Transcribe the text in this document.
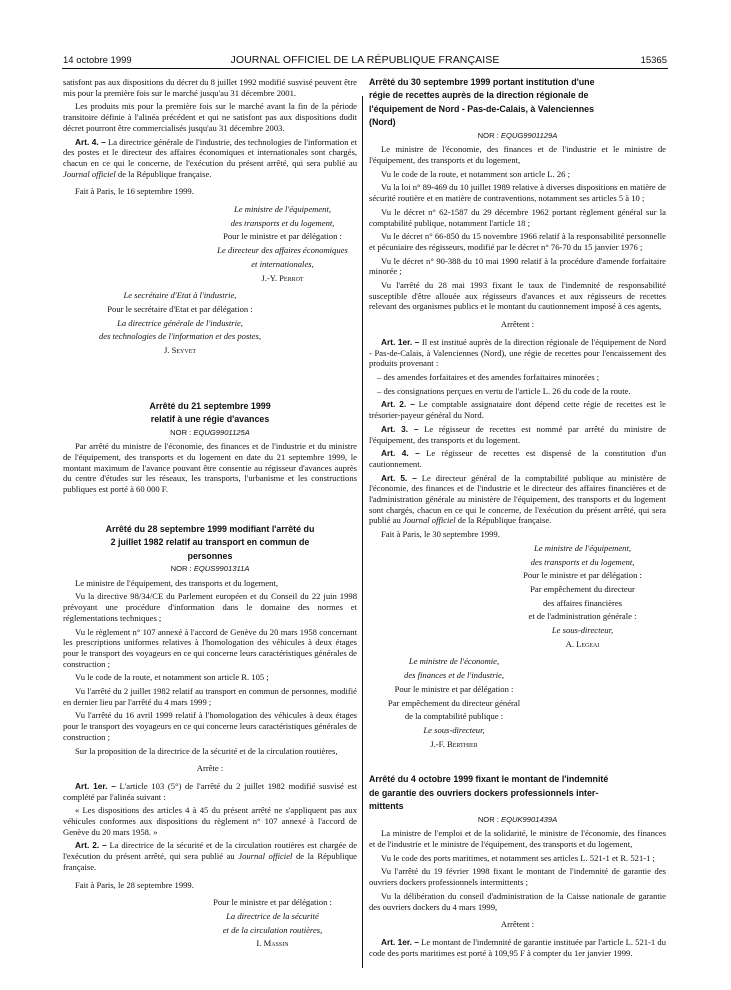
14 octobre 1999	JOURNAL OFFICIEL DE LA RÉPUBLIQUE FRANÇAISE	15365

satisfont pas aux dispositions du décret du 8 juillet 1992 modifié susvisé peuvent être mis pour la première fois sur le marché jusqu'au 31 décembre 2001.

Les produits mis pour la première fois sur le marché avant la fin de la période transitoire définie à l'alinéa précédent et qui ne satisfont pas aux dispositions dudit décret pourront être commercialisés jusqu'au 31 décembre 2003.

Art. 4. – La directrice générale de l'industrie, des technologies de l'information et des postes et le directeur des affaires économiques et internationales sont chargés, chacun en ce qui le concerne, de l'exécution du présent arrêté, qui sera publié au Journal officiel de la République française.

Fait à Paris, le 16 septembre 1999.

Le ministre de l'équipement,

des transports et du logement,

Pour le ministre et par délégation :

Le directeur des affaires économiques

et internationales,

J.-Y. Perrot

Le secrétaire d'Etat à l'industrie,

Pour le secrétaire d'Etat et par délégation :

La directrice générale de l'industrie,

des technologies de l'information et des postes,

J. Seyvet

Arrêté du 21 septembre 1999

relatif à une régie d'avances

NOR : EQUG9901125A

Par arrêté du ministre de l'économie, des finances et de l'industrie et du ministre de l'équipement, des transports et du logement en date du 21 septembre 1999, le montant maximum de l'avance pouvant être consentie au régisseur d'avances auprès du centre d'études sur les réseaux, les transports, l'urbanisme et les constructions publiques est porté à 60 000 F.

Arrêté du 28 septembre 1999 modifiant l'arrêté du

2 juillet 1982 relatif au transport en commun de

personnes

NOR : EQUS9901311A

Le ministre de l'équipement, des transports et du logement,

Vu la directive 98/34/CE du Parlement européen et du Conseil du 22 juin 1998 prévoyant une procédure d'information dans le domaine des normes et réglementations techniques ;

Vu le règlement n° 107 annexé à l'accord de Genève du 20 mars 1958 concernant les prescriptions uniformes relatives à l'homologation des véhicules à deux étages pour le transport des voyageurs en ce qui concerne leurs caractéristiques générales de construction ;

Vu le code de la route, et notamment son article R. 105 ;

Vu l'arrêté du 2 juillet 1982 relatif au transport en commun de personnes, modifié en dernier lieu par l'arrêté du 4 mars 1999 ;

Vu l'arrêté du 16 avril 1999 relatif à l'homologation des véhicules à deux étages pour le transport des voyageurs en ce qui concerne leurs caractéristiques générales de construction ;

Sur la proposition de la directrice de la sécurité et de la circulation routières,

Arrête :

Art. 1er. – L'article 103 (5°) de l'arrêté du 2 juillet 1982 modifié susvisé est complété par l'alinéa suivant :

« Les dispositions des articles 4 à 45 du présent arrêté ne s'appliquent pas aux véhicules conformes aux dispositions du règlement n° 107 annexé à l'accord de Genève du 20 mars 1958. »

Art. 2. – La directrice de la sécurité et de la circulation routières est chargée de l'exécution du présent arrêté, qui sera publié au Journal officiel de la République française.

Fait à Paris, le 28 septembre 1999.

Pour le ministre et par délégation :

La directrice de la sécurité

et de la circulation routières,

I. Massin

Arrêté du 30 septembre 1999 portant institution d'une

régie de recettes auprès de la direction régionale de

l'équipement de Nord - Pas-de-Calais, à Valenciennes

(Nord)

NOR : EQUG9901129A

Le ministre de l'économie, des finances et de l'industrie et le ministre de l'équipement, des transports et du logement,

Vu le code de la route, et notamment son article L. 26 ;

Vu la loi n° 89-469 du 10 juillet 1989 relative à diverses dispositions en matière de sécurité routière et en matière de contraventions, notamment ses articles 5 à 10 ;

Vu le décret n° 62-1587 du 29 décembre 1962 portant règlement général sur la comptabilité publique, notamment l'article 18 ;

Vu le décret n° 66-850 du 15 novembre 1966 relatif à la responsabilité personnelle et pécuniaire des régisseurs, modifié par le décret n° 76-70 du 15 janvier 1976 ;

Vu le décret n° 90-388 du 10 mai 1990 relatif à la procédure d'amende forfaitaire minorée ;

Vu l'arrêté du 28 mai 1993 fixant le taux de l'indemnité de responsabilité susceptible d'être allouée aux régisseurs d'avances et aux régisseurs de recettes relevant des organismes publics et le montant du cautionnement imposé à ces agents,

Arrêtent :

Art. 1er. – Il est institué auprès de la direction régionale de l'équipement de Nord - Pas-de-Calais, à Valenciennes (Nord), une régie de recettes pour l'encaissement des produits provenant :

– des amendes forfaitaires et des amendes forfaitaires minorées ;

– des consignations perçues en vertu de l'article L. 26 du code de la route.

Art. 2. – Le comptable assignataire dont dépend cette régie de recettes est le trésorier-payeur général du Nord.

Art. 3. – Le régisseur de recettes est nommé par arrêté du ministre de l'équipement, des transports et du logement.

Art. 4. – Le régisseur de recettes est dispensé de la constitution d'un cautionnement.

Art. 5. – Le directeur général de la comptabilité publique au ministère de l'économie, des finances et de l'industrie et le directeur des affaires financières et de l'administration générale au ministère de l'équipement, des transports et du logement sont chargés, chacun en ce qui le concerne, de l'exécution du présent arrêté, qui sera publié au Journal officiel de la République française.

Fait à Paris, le 30 septembre 1999.

Le ministre de l'équipement,

des transports et du logement,

Pour le ministre et par délégation :

Par empêchement du directeur

des affaires financières

et de l'administration générale :

Le sous-directeur,

A. Legeai

Le ministre de l'économie,

des finances et de l'industrie,

Pour le ministre et par délégation :

Par empêchement du directeur général

de la comptabilité publique :

Le sous-directeur,

J.-F. Berthier

Arrêté du 4 octobre 1999 fixant le montant de l'indemnité

de garantie des ouvriers dockers professionnels inter-

mittents

NOR : EQUK9901439A

La ministre de l'emploi et de la solidarité, le ministre de l'économie, des finances et de l'industrie et le ministre de l'équipement, des transports et du logement,

Vu le code des ports maritimes, et notamment ses articles L. 521-1 et R. 521-1 ;

Vu l'arrêté du 19 février 1998 fixant le montant de l'indemnité de garantie des ouvriers dockers professionnels intermittents ;

Vu la délibération du conseil d'administration de la Caisse nationale de garantie des ouvriers dockers du 4 mars 1999,

Arrêtent :

Art. 1er. – Le montant de l'indemnité de garantie instituée par l'article L. 521-1 du code des ports maritimes est porté à 109,95 F à compter du 1er janvier 1999.
